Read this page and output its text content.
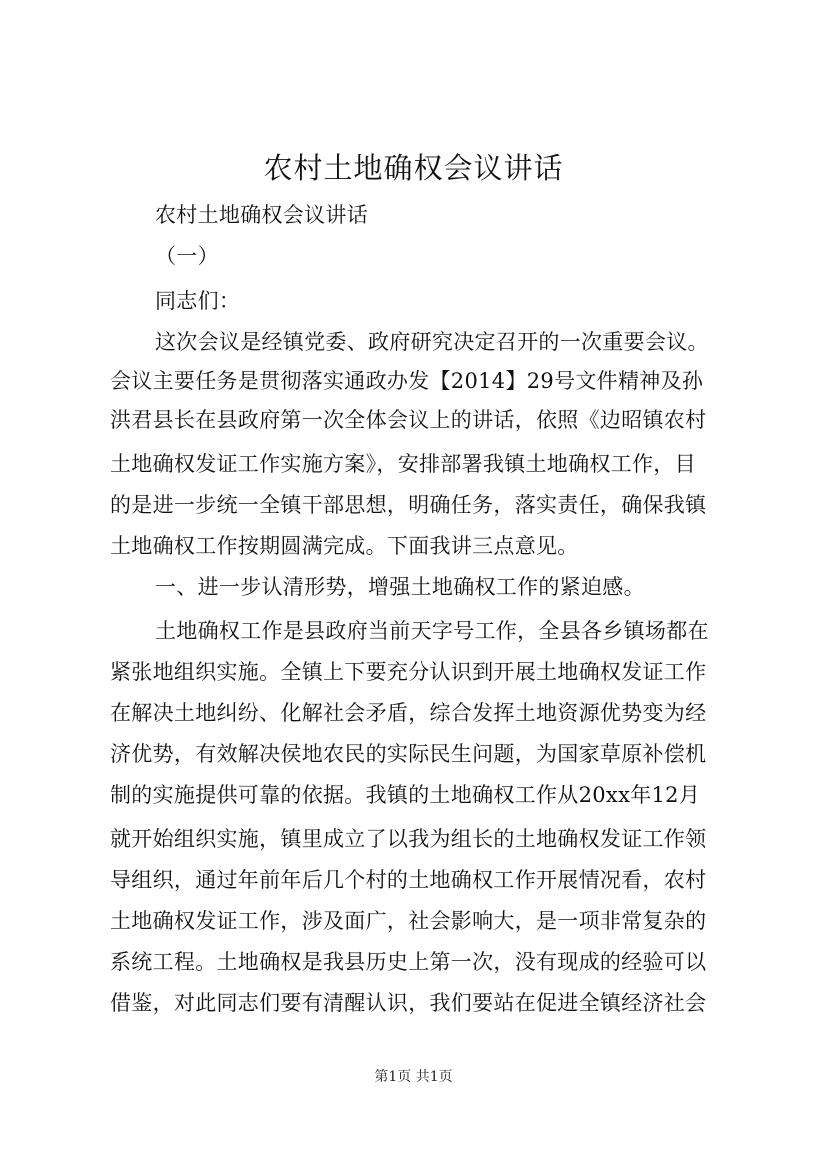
农村土地确权会议讲话
农村土地确权会议讲话
（一）
同志们：
这次会议是经镇党委、政府研究决定召开的一次重要会议。
会议主要任务是贯彻落实通政办发【2014】29号文件精神及孙
洪君县长在县政府第一次全体会议上的讲话，依照《边昭镇农村
土地确权发证工作实施方案》，安排部署我镇土地确权工作，目
的是进一步统一全镇干部思想，明确任务，落实责任，确保我镇
土地确权工作按期圆满完成。下面我讲三点意见。
一、进一步认清形势，增强土地确权工作的紧迫感。
土地确权工作是县政府当前天字号工作，全县各乡镇场都在
紧张地组织实施。全镇上下要充分认识到开展土地确权发证工作
在解决土地纠纷、化解社会矛盾，综合发挥土地资源优势变为经
济优势，有效解决侯地农民的实际民生问题，为国家草原补偿机
制的实施提供可靠的依据。我镇的土地确权工作从20xx年12月
就开始组织实施，镇里成立了以我为组长的土地确权发证工作领
导组织，通过年前年后几个村的土地确权工作开展情况看，农村
土地确权发证工作，涉及面广，社会影响大，是一项非常复杂的
系统工程。土地确权是我县历史上第一次，没有现成的经验可以
借鉴，对此同志们要有清醒认识，我们要站在促进全镇经济社会
第1页 共1页
